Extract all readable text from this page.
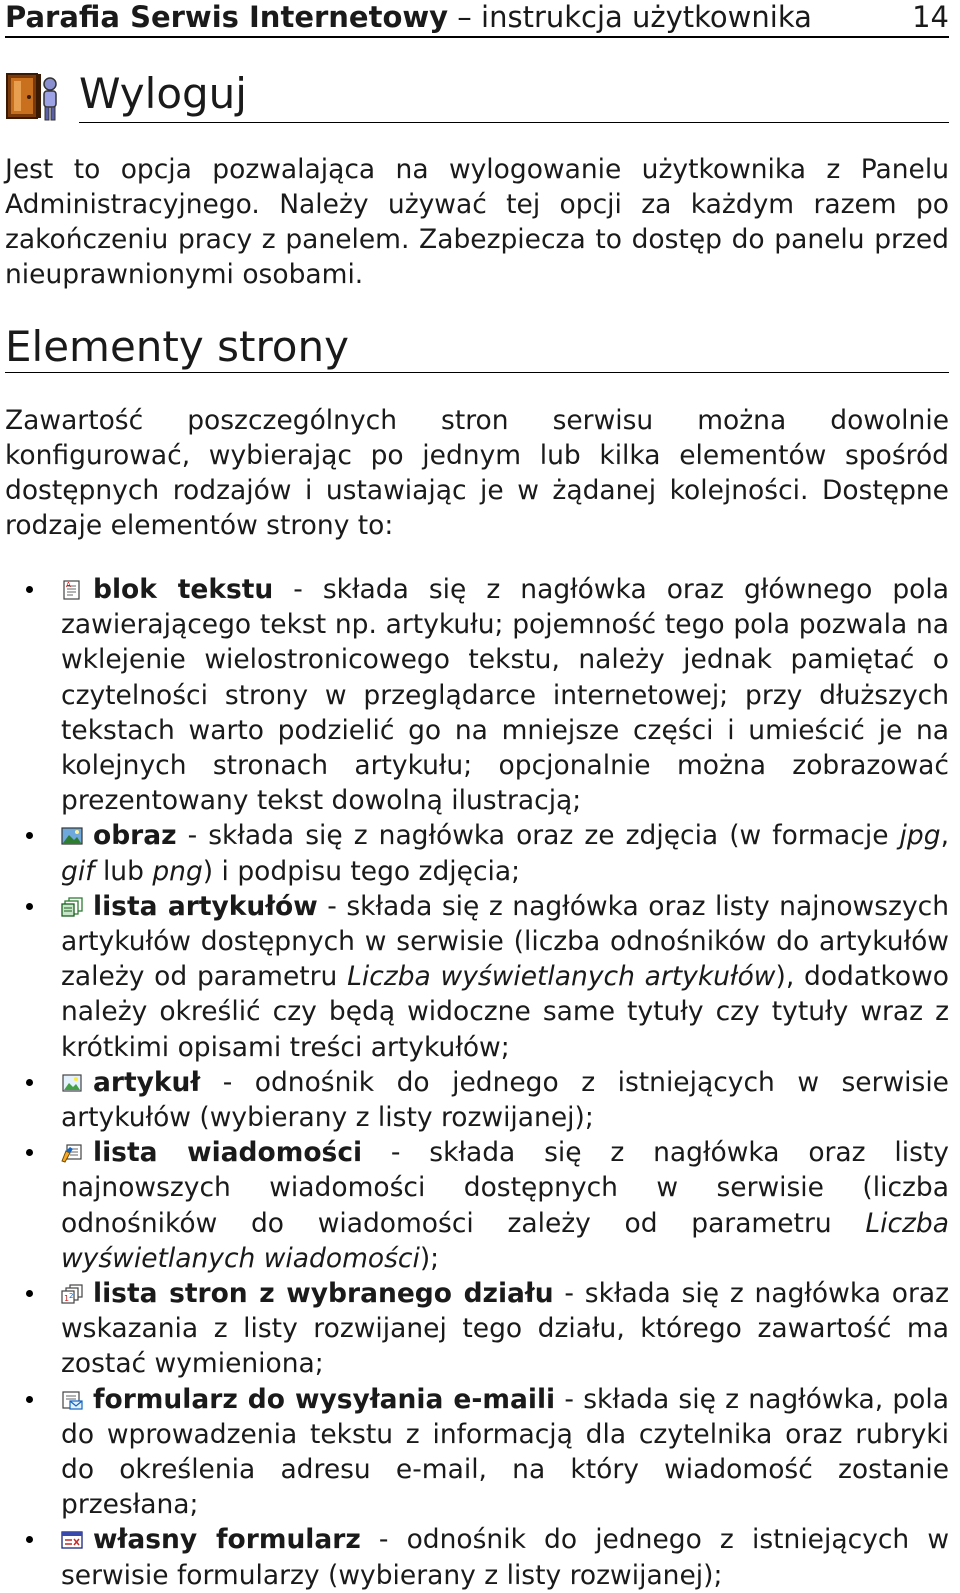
Parafia Serwis Internetowy – instrukcja użytkownika	14
Wyloguj

Jest to opcja pozwalająca na wylogowanie użytkownika z Panelu Administracyjnego. Należy używać tej opcji za każdym razem po zakończeniu pracy z panelem. Zabezpiecza to dostęp do panelu przed nieuprawnionymi osobami.

Elementy strony

Zawartość poszczególnych stron serwisu można dowolnie konfigurować, wybierając po jednym lub kilka elementów spośród dostępnych rodzajów i ustawiając je w żądanej kolejności. Dostępne rodzaje elementów strony to:

A blok tekstu - składa się z nagłówka oraz głównego pola zawierającego tekst np. artykułu; pojemność tego pola pozwala na wklejenie wielostronicowego tekstu, należy jednak pamiętać o czytelności strony w przeglądarce internetowej; przy dłuższych tekstach warto podzielić go na mniejsze części i umieścić je na kolejnych stronach artykułu; opcjonalnie można zobrazować prezentowany tekst dowolną ilustracją;
obraz - składa się z nagłówka oraz ze zdjęcia (w formacje jpg, gif lub png) i podpisu tego zdjęcia;
lista artykułów - składa się z nagłówka oraz listy najnowszych artykułów dostępnych w serwisie (liczba odnośników do artykułów zależy od parametru Liczba wyświetlanych artykułów), dodatkowo należy określić czy będą widoczne same tytuły czy tytuły wraz z krótkimi opisami treści artykułów;
artykuł - odnośnik do jednego z istniejących w serwisie artykułów (wybierany z listy rozwijanej);
lista wiadomości - składa się z nagłówka oraz listy najnowszych wiadomości dostępnych w serwisie (liczba odnośników do wiadomości zależy od parametru Liczba wyświetlanych wiadomości);
1 2 lista stron z wybranego działu - składa się z nagłówka oraz wskazania z listy rozwijanej tego działu, którego zawartość ma zostać wymieniona;
formularz do wysyłania e-maili - składa się z nagłówka, pola do wprowadzenia tekstu z informacją dla czytelnika oraz rubryki do określenia adresu e-mail, na który wiadomość zostanie przesłana;
własny formularz - odnośnik do jednego z istniejących w serwisie formularzy (wybierany z listy rozwijanej);
